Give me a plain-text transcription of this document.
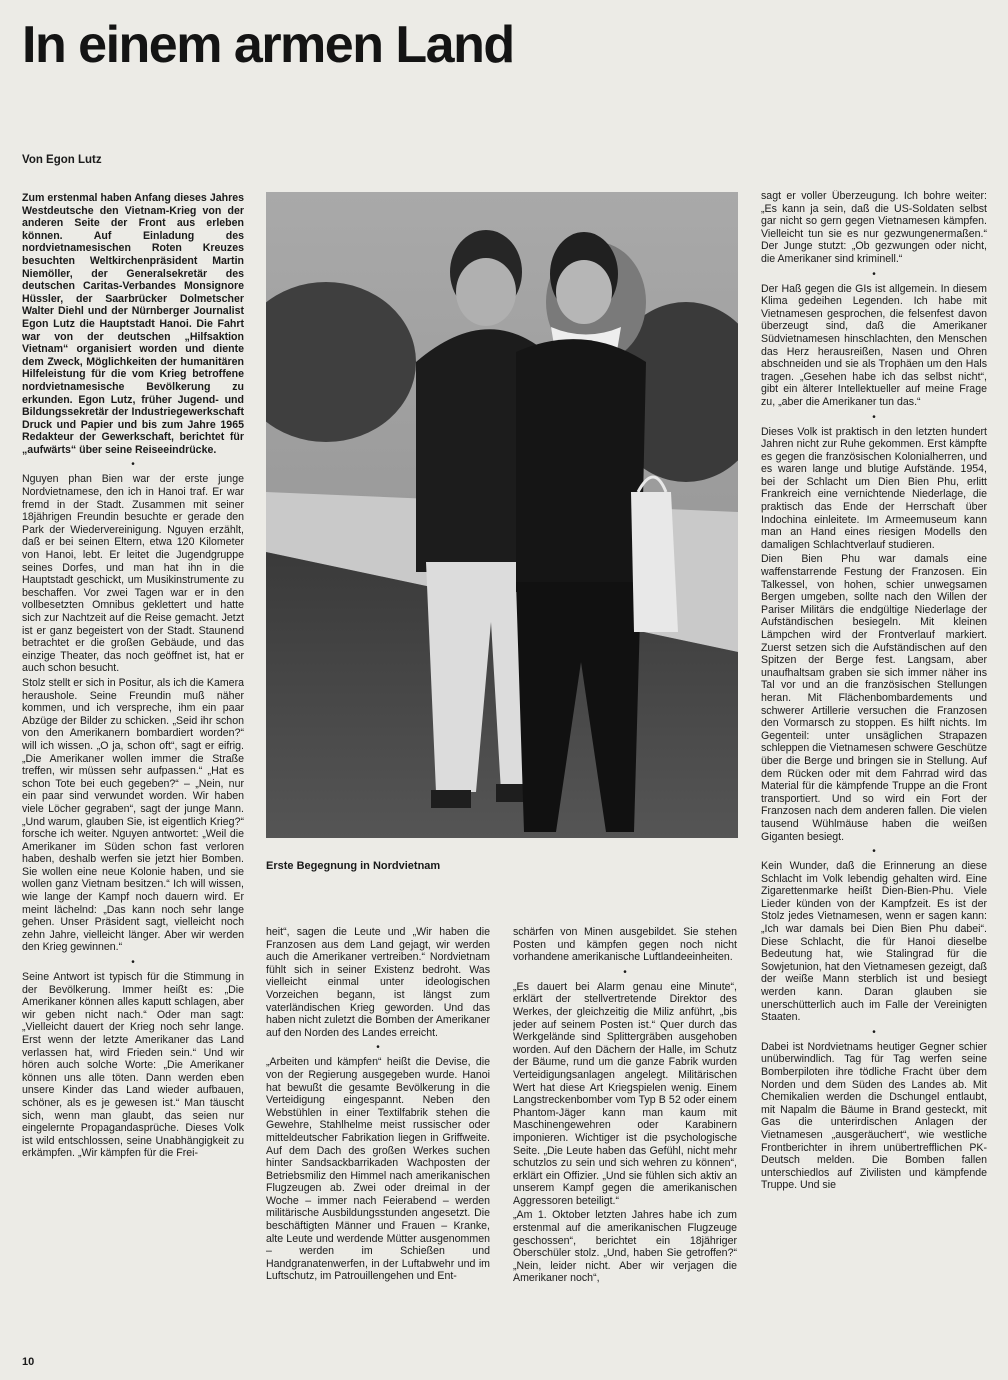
In einem armen Land
Von Egon Lutz

Zum erstenmal haben Anfang dieses Jahres Westdeutsche den Vietnam-Krieg von der anderen Seite der Front aus erleben können. Auf Einladung des nordvietnamesischen Roten Kreuzes besuchten Weltkirchenpräsident Martin Niemöller, der Generalsekretär des deutschen Caritas-Verbandes Monsignore Hüssler, der Saarbrücker Dolmetscher Walter Diehl und der Nürnberger Journalist Egon Lutz die Hauptstadt Hanoi. Die Fahrt war von der deutschen „Hilfsaktion Vietnam“ organisiert worden und diente dem Zweck, Möglichkeiten der humanitären Hilfeleistung für die vom Krieg betroffene nordvietnamesische Bevölkerung zu erkunden. Egon Lutz, früher Jugend- und Bildungssekretär der Industriegewerkschaft Druck und Papier und bis zum Jahre 1965 Redakteur der Gewerkschaft, berichtet für „aufwärts“ über seine Reiseeindrücke.

•

Nguyen phan Bien war der erste junge Nordvietnamese, den ich in Hanoi traf. Er war fremd in der Stadt. Zusammen mit seiner 18jährigen Freundin besuchte er gerade den Park der Wiedervereinigung. Nguyen erzählt, daß er bei seinen Eltern, etwa 120 Kilometer von Hanoi, lebt. Er leitet die Jugendgruppe seines Dorfes, und man hat ihn in die Hauptstadt geschickt, um Musikinstrumente zu beschaffen. Vor zwei Tagen war er in den vollbesetzten Omnibus geklettert und hatte sich zur Nachtzeit auf die Reise gemacht. Jetzt ist er ganz begeistert von der Stadt. Staunend betrachtet er die großen Gebäude, und das einzige Theater, das noch geöffnet ist, hat er auch schon besucht.

Stolz stellt er sich in Positur, als ich die Kamera heraushole. Seine Freundin muß näher kommen, und ich verspreche, ihm ein paar Abzüge der Bilder zu schicken. „Seid ihr schon von den Amerikanern bombardiert worden?“ will ich wissen. „O ja, schon oft“, sagt er eifrig. „Die Amerikaner wollen immer die Straße treffen, wir müssen sehr aufpassen.“ „Hat es schon Tote bei euch gegeben?“ – „Nein, nur ein paar sind verwundet worden. Wir haben viele Löcher gegraben“, sagt der junge Mann. „Und warum, glauben Sie, ist eigentlich Krieg?“ forsche ich weiter. Nguyen antwortet: „Weil die Amerikaner im Süden schon fast verloren haben, deshalb werfen sie jetzt hier Bomben. Sie wollen eine neue Kolonie haben, und sie wollen ganz Vietnam besitzen.“ Ich will wissen, wie lange der Kampf noch dauern wird. Er meint lächelnd: „Das kann noch sehr lange gehen. Unser Präsident sagt, vielleicht noch zehn Jahre, vielleicht länger. Aber wir werden den Krieg gewinnen.“

•

Seine Antwort ist typisch für die Stimmung in der Bevölkerung. Immer heißt es: „Die Amerikaner können alles kaputt schlagen, aber wir geben nicht nach.“ Oder man sagt: „Vielleicht dauert der Krieg noch sehr lange. Erst wenn der letzte Amerikaner das Land verlassen hat, wird Frieden sein.“ Und wir hören auch solche Worte: „Die Amerikaner können uns alle töten. Dann werden eben unsere Kinder das Land wieder aufbauen, schöner, als es je gewesen ist.“ Man täuscht sich, wenn man glaubt, das seien nur eingelernte Propagandasprüche. Dieses Volk ist wild entschlossen, seine Unabhängigkeit zu erkämpfen. „Wir kämpfen für die Frei-

Erste Begegnung in Nordvietnam

heit“, sagen die Leute und „Wir haben die Franzosen aus dem Land gejagt, wir werden auch die Amerikaner vertreiben.“ Nordvietnam fühlt sich in seiner Existenz bedroht. Was vielleicht einmal unter ideologischen Vorzeichen begann, ist längst zum vaterländischen Krieg geworden. Und das haben nicht zuletzt die Bomben der Amerikaner auf den Norden des Landes erreicht.

•

„Arbeiten und kämpfen“ heißt die Devise, die von der Regierung ausgegeben wurde. Hanoi hat bewußt die gesamte Bevölkerung in die Verteidigung eingespannt. Neben den Webstühlen in einer Textilfabrik stehen die Gewehre, Stahlhelme meist russischer oder mitteldeutscher Fabrikation liegen in Griffweite. Auf dem Dach des großen Werkes suchen hinter Sandsackbarrikaden Wachposten der Betriebsmiliz den Himmel nach amerikanischen Flugzeugen ab. Zwei oder dreimal in der Woche – immer nach Feierabend – werden militärische Ausbildungsstunden angesetzt. Die beschäftigten Männer und Frauen – Kranke, alte Leute und werdende Mütter ausgenommen – werden im Schießen und Handgranatenwerfen, in der Luftabwehr und im Luftschutz, im Patrouillengehen und Ent-

schärfen von Minen ausgebildet. Sie stehen Posten und kämpfen gegen noch nicht vorhandene amerikanische Luftlandeeinheiten.

•

„Es dauert bei Alarm genau eine Minute“, erklärt der stellvertretende Direktor des Werkes, der gleichzeitig die Miliz anführt, „bis jeder auf seinem Posten ist.“ Quer durch das Werkgelände sind Splittergräben ausgehoben worden. Auf den Dächern der Halle, im Schutz der Bäume, rund um die ganze Fabrik wurden Verteidigungsanlagen angelegt. Militärischen Wert hat diese Art Kriegspielen wenig. Einem Langstreckenbomber vom Typ B 52 oder einem Phantom-Jäger kann man kaum mit Maschinengewehren oder Karabinern imponieren. Wichtiger ist die psychologische Seite. „Die Leute haben das Gefühl, nicht mehr schutzlos zu sein und sich wehren zu können“, erklärt ein Offizier. „Und sie fühlen sich aktiv an unserem Kampf gegen die amerikanischen Aggressoren beteiligt.“

„Am 1. Oktober letzten Jahres habe ich zum erstenmal auf die amerikanischen Flugzeuge geschossen“, berichtet ein 18jähriger Oberschüler stolz. „Und, haben Sie getroffen?“ „Nein, leider nicht. Aber wir verjagen die Amerikaner noch“,

sagt er voller Überzeugung. Ich bohre weiter: „Es kann ja sein, daß die US-Soldaten selbst gar nicht so gern gegen Vietnamesen kämpfen. Vielleicht tun sie es nur gezwungenermaßen.“ Der Junge stutzt: „Ob gezwungen oder nicht, die Amerikaner sind kriminell.“

•

Der Haß gegen die GIs ist allgemein. In diesem Klima gedeihen Legenden. Ich habe mit Vietnamesen gesprochen, die felsenfest davon überzeugt sind, daß die Amerikaner Südvietnamesen hinschlachten, den Menschen das Herz herausreißen, Nasen und Ohren abschneiden und sie als Trophäen um den Hals tragen. „Gesehen habe ich das selbst nicht“, gibt ein älterer Intellektueller auf meine Frage zu, „aber die Amerikaner tun das.“

•

Dieses Volk ist praktisch in den letzten hundert Jahren nicht zur Ruhe gekommen. Erst kämpfte es gegen die französischen Kolonialherren, und es waren lange und blutige Aufstände. 1954, bei der Schlacht um Dien Bien Phu, erlitt Frankreich eine vernichtende Niederlage, die praktisch das Ende der Herrschaft über Indochina einleitete. Im Armeemuseum kann man an Hand eines riesigen Modells den damaligen Schlachtverlauf studieren.

Dien Bien Phu war damals eine waffenstarrende Festung der Franzosen. Ein Talkessel, von hohen, schier unwegsamen Bergen umgeben, sollte nach den Willen der Pariser Militärs die endgültige Niederlage der Aufständischen besiegeln. Mit kleinen Lämpchen wird der Frontverlauf markiert. Zuerst setzen sich die Aufständischen auf den Spitzen der Berge fest. Langsam, aber unaufhaltsam graben sie sich immer näher ins Tal vor und an die französischen Stellungen heran. Mit Flächenbombardements und schwerer Artillerie versuchen die Franzosen den Vormarsch zu stoppen. Es hilft nichts. Im Gegenteil: unter unsäglichen Strapazen schleppen die Vietnamesen schwere Geschütze über die Berge und bringen sie in Stellung. Auf dem Rücken oder mit dem Fahrrad wird das Material für die kämpfende Truppe an die Front transportiert. Und so wird ein Fort der Franzosen nach dem anderen fallen. Die vielen tausend Wühlmäuse haben die weißen Giganten besiegt.

•

Kein Wunder, daß die Erinnerung an diese Schlacht im Volk lebendig gehalten wird. Eine Zigarettenmarke heißt Dien-Bien-Phu. Viele Lieder künden von der Kampfzeit. Es ist der Stolz jedes Vietnamesen, wenn er sagen kann: „Ich war damals bei Dien Bien Phu dabei“. Diese Schlacht, die für Hanoi dieselbe Bedeutung hat, wie Stalingrad für die Sowjetunion, hat den Vietnamesen gezeigt, daß der weiße Mann sterblich ist und besiegt werden kann. Daran glauben sie unerschütterlich auch im Falle der Vereinigten Staaten.

•

Dabei ist Nordvietnams heutiger Gegner schier unüberwindlich. Tag für Tag werfen seine Bomberpiloten ihre tödliche Fracht über dem Norden und dem Süden des Landes ab. Mit Chemikalien werden die Dschungel entlaubt, mit Napalm die Bäume in Brand gesteckt, mit Gas die unterirdischen Anlagen der Vietnamesen „ausgeräuchert“, wie westliche Frontberichter in ihrem unübertrefflichen PK-Deutsch melden. Die Bomben fallen unterschiedlos auf Zivilisten und kämpfende Truppe. Und sie

10
